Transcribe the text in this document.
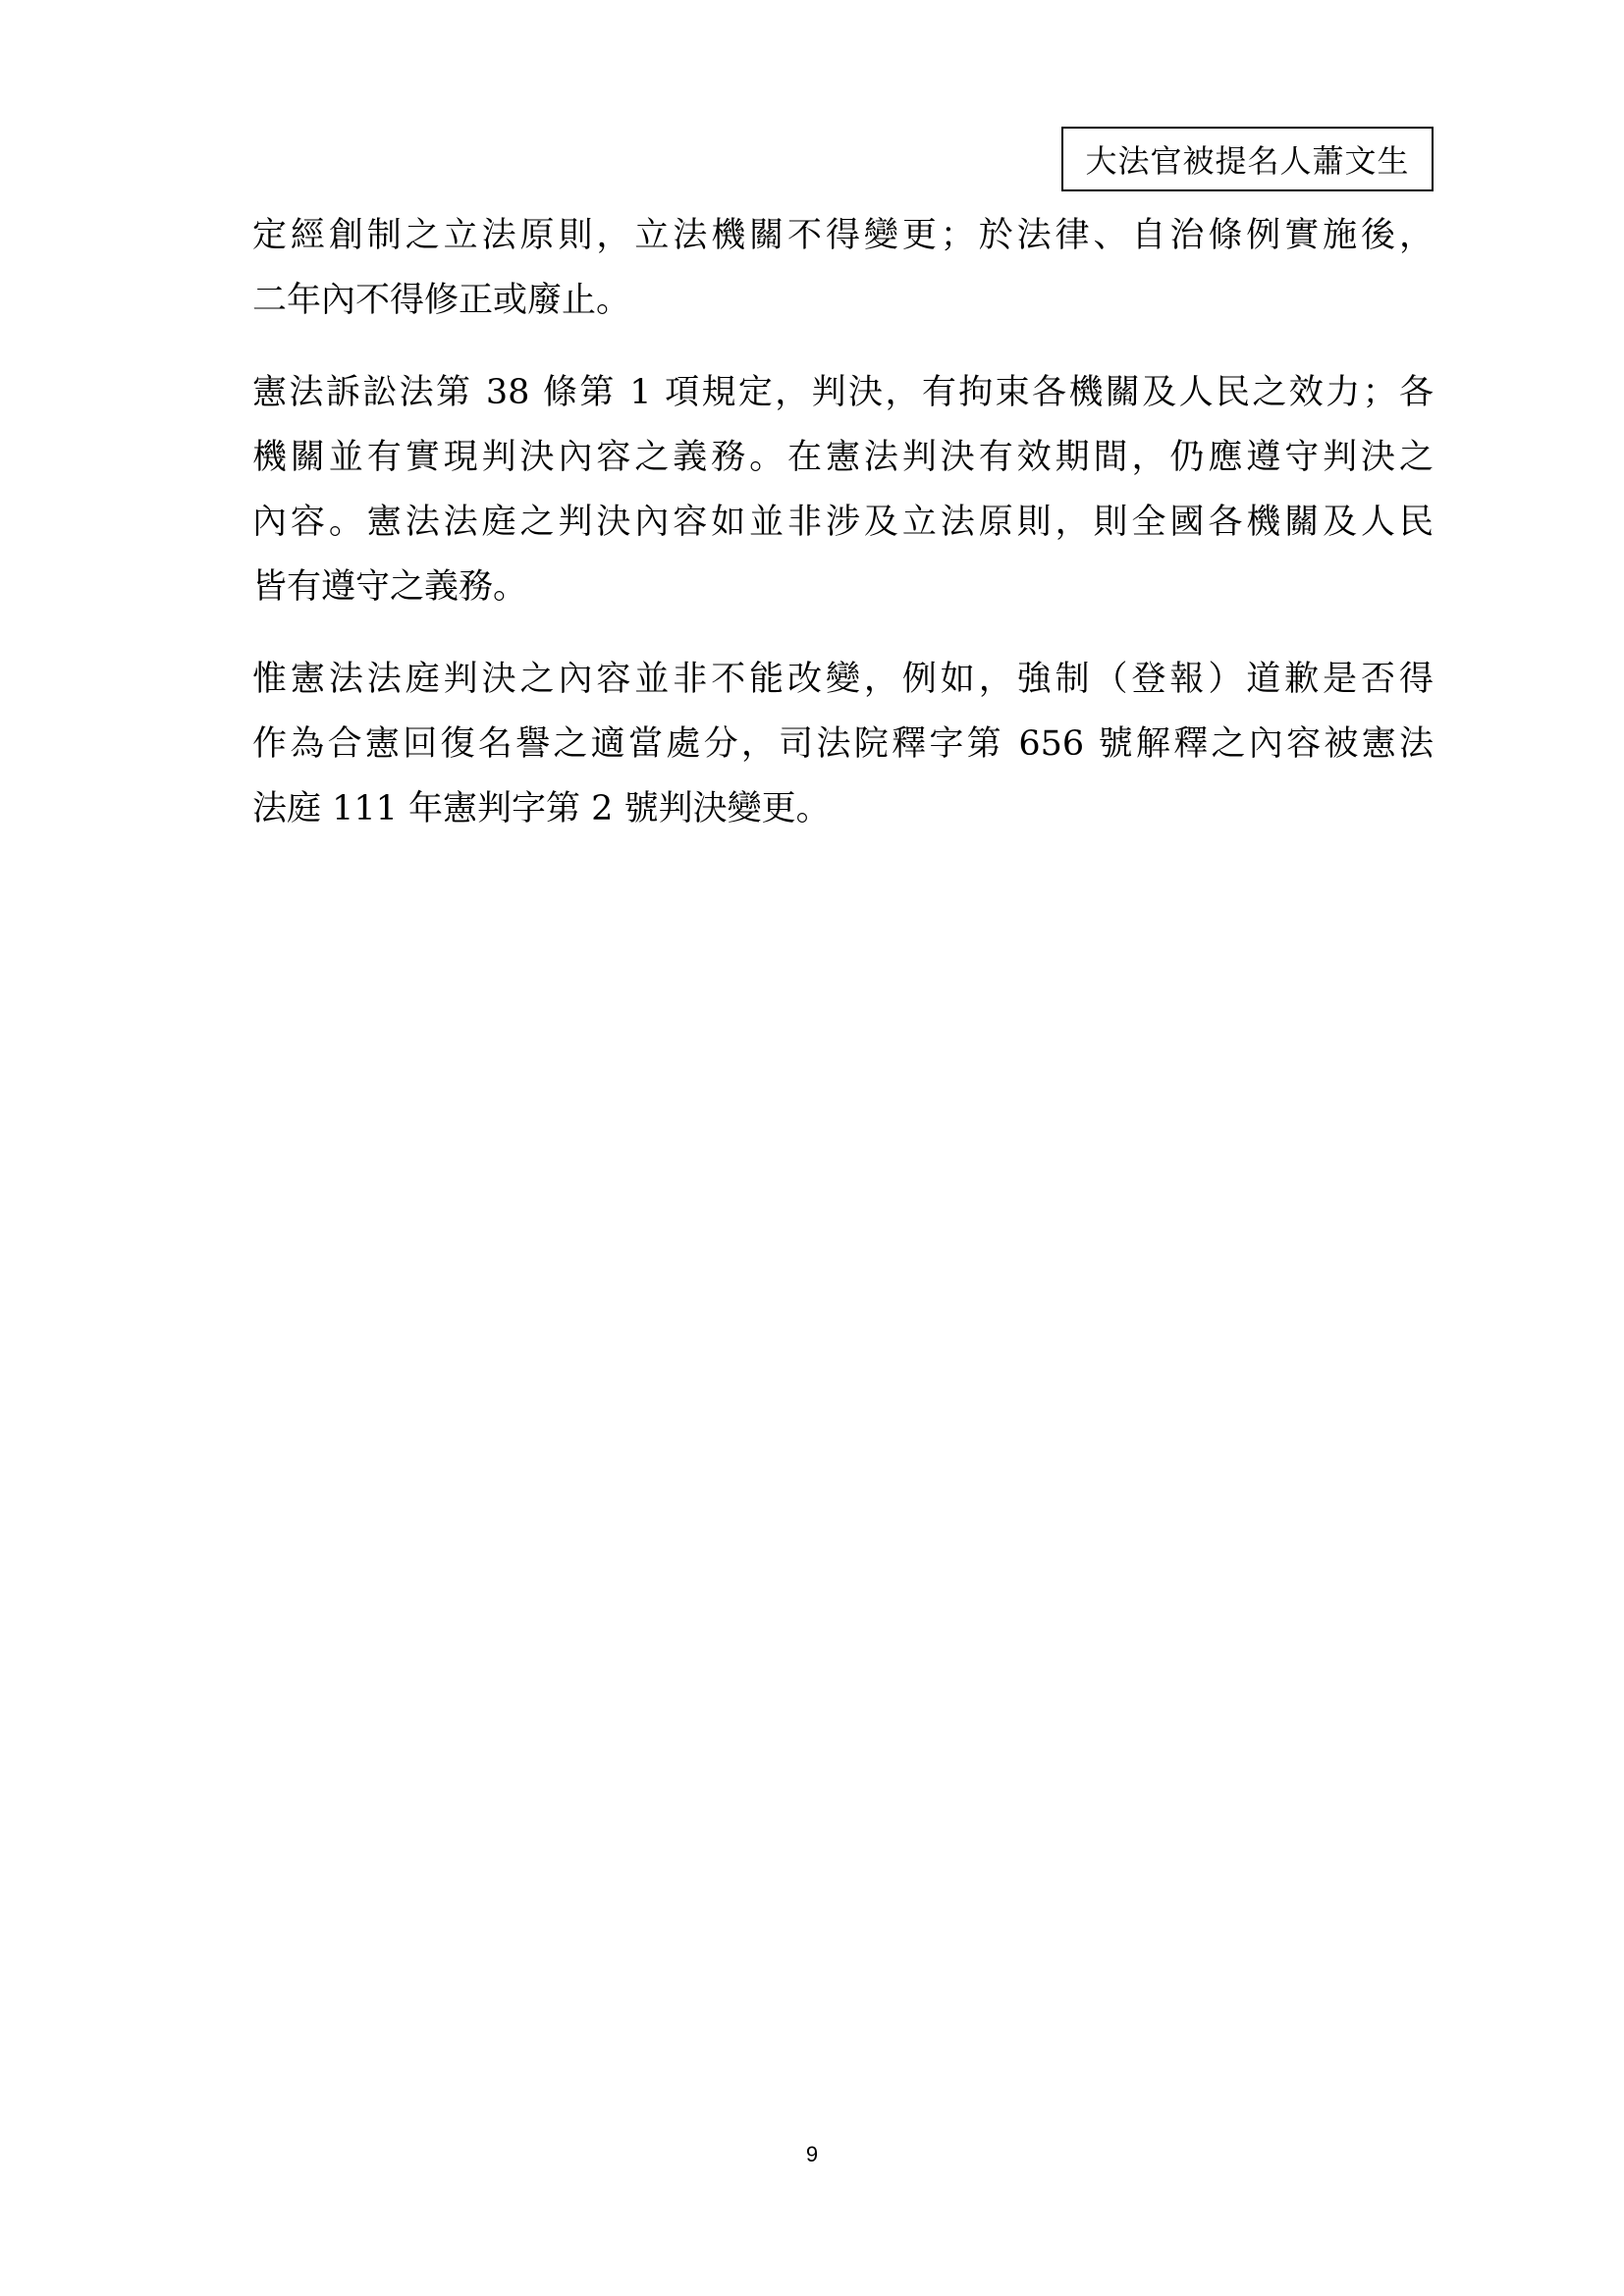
大法官被提名人蕭文生
定經創制之立法原則，立法機關不得變更；於法律、自治條例實施後，
二年內不得修正或廢止。
憲法訴訟法第 38 條第 1 項規定，判決，有拘束各機關及人民之效力；各
機關並有實現判決內容之義務。在憲法判決有效期間，仍應遵守判決之
內容。憲法法庭之判決內容如並非涉及立法原則，則全國各機關及人民
皆有遵守之義務。
惟憲法法庭判決之內容並非不能改變，例如，強制（登報）道歉是否得
作為合憲回復名譽之適當處分，司法院釋字第 656 號解釋之內容被憲法
法庭 111 年憲判字第 2 號判決變更。
9
